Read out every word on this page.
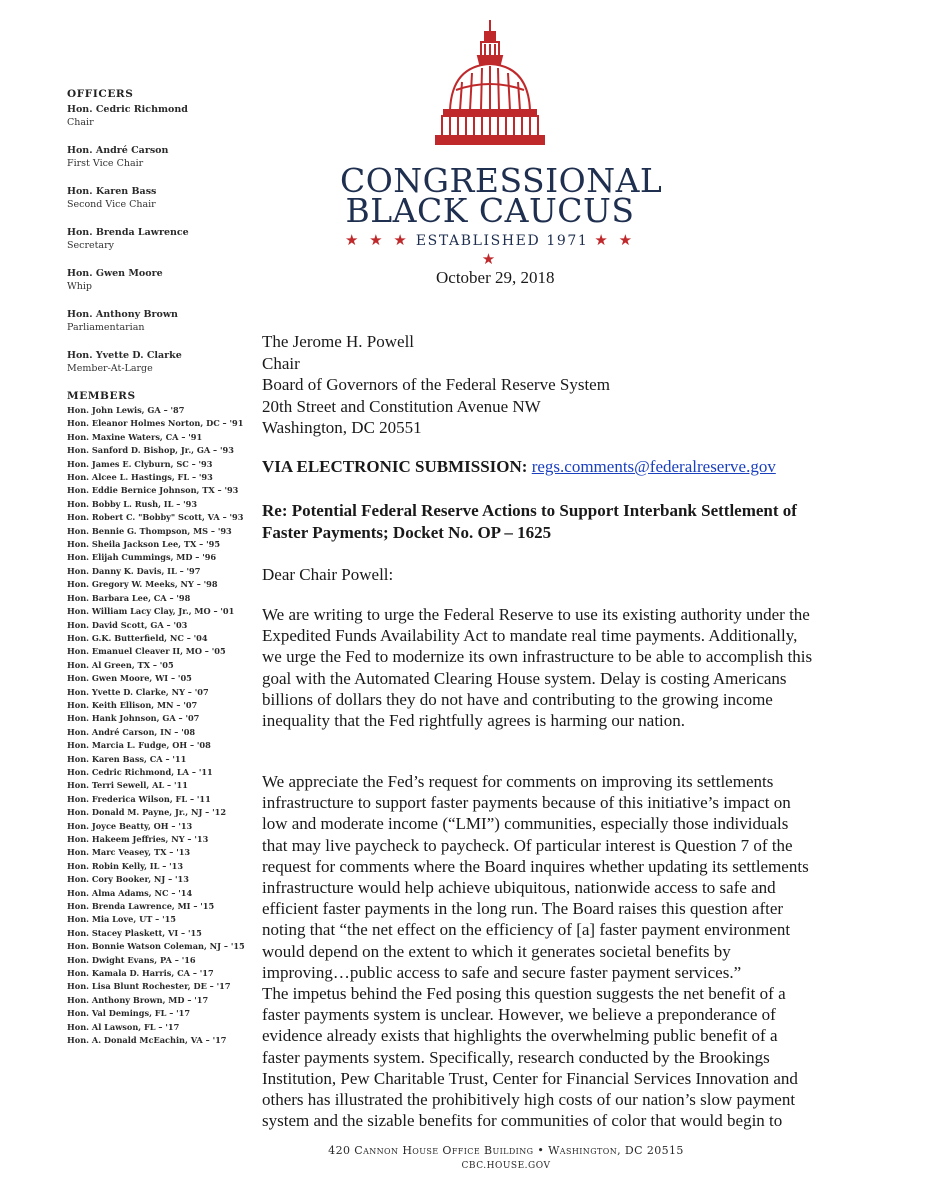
OFFICERS
Hon. Cedric Richmond
Chair
Hon. André Carson
First Vice Chair
Hon. Karen Bass
Second Vice Chair
Hon. Brenda Lawrence
Secretary
Hon. Gwen Moore
Whip
Hon. Anthony Brown
Parliamentarian
Hon. Yvette D. Clarke
Member-At-Large
MEMBERS
Hon. John Lewis, GA – '87
Hon. Eleanor Holmes Norton, DC – '91
Hon. Maxine Waters, CA – '91
Hon. Sanford D. Bishop, Jr., GA – '93
Hon. James E. Clyburn, SC – '93
Hon. Alcee L. Hastings, FL – '93
Hon. Eddie Bernice Johnson, TX – '93
Hon. Bobby L. Rush, IL – '93
Hon. Robert C. "Bobby" Scott, VA – '93
Hon. Bennie G. Thompson, MS – '93
Hon. Sheila Jackson Lee, TX – '95
Hon. Elijah Cummings, MD – '96
Hon. Danny K. Davis, IL – '97
Hon. Gregory W. Meeks, NY – '98
Hon. Barbara Lee, CA – '98
Hon. William Lacy Clay, Jr., MO – '01
Hon. David Scott, GA – '03
Hon. G.K. Butterfield, NC – '04
Hon. Emanuel Cleaver II, MO – '05
Hon. Al Green, TX – '05
Hon. Gwen Moore, WI – '05
Hon. Yvette D. Clarke, NY – '07
Hon. Keith Ellison, MN – '07
Hon. Hank Johnson, GA – '07
Hon. André Carson, IN – '08
Hon. Marcia L. Fudge, OH – '08
Hon. Karen Bass, CA – '11
Hon. Cedric Richmond, LA – '11
Hon. Terri Sewell, AL – '11
Hon. Frederica Wilson, FL – '11
Hon. Donald M. Payne, Jr., NJ – '12
Hon. Joyce Beatty, OH – '13
Hon. Hakeem Jeffries, NY – '13
Hon. Marc Veasey, TX – '13
Hon. Robin Kelly, IL – '13
Hon. Cory Booker, NJ – '13
Hon. Alma Adams, NC – '14
Hon. Brenda Lawrence, MI – '15
Hon. Mia Love, UT – '15
Hon. Stacey Plaskett, VI – '15
Hon. Bonnie Watson Coleman, NJ – '15
Hon. Dwight Evans, PA – '16
Hon. Kamala D. Harris, CA – '17
Hon. Lisa Blunt Rochester, DE – '17
Hon. Anthony Brown, MD – '17
Hon. Val Demings, FL – '17
Hon. Al Lawson, FL – '17
Hon. A. Donald McEachin, VA – '17
CONGRESSIONAL
BLACK CAUCUS
★ ★ ★ ESTABLISHED 1971 ★ ★ ★
October 29, 2018
The Jerome H. Powell
Chair
Board of Governors of the Federal Reserve System
20th Street and Constitution Avenue NW
Washington, DC 20551
VIA ELECTRONIC SUBMISSION: regs.comments@federalreserve.gov
Re: Potential Federal Reserve Actions to Support Interbank Settlement of
Faster Payments; Docket No. OP – 1625
Dear Chair Powell:
We are writing to urge the Federal Reserve to use its existing authority under the
Expedited Funds Availability Act to mandate real time payments. Additionally,
we urge the Fed to modernize its own infrastructure to be able to accomplish this
goal with the Automated Clearing House system. Delay is costing Americans
billions of dollars they do not have and contributing to the growing income
inequality that the Fed rightfully agrees is harming our nation.
We appreciate the Fed’s request for comments on improving its settlements
infrastructure to support faster payments because of this initiative’s impact on
low and moderate income (“LMI”) communities, especially those individuals
that may live paycheck to paycheck. Of particular interest is Question 7 of the
request for comments where the Board inquires whether updating its settlements
infrastructure would help achieve ubiquitous, nationwide access to safe and
efficient faster payments in the long run. The Board raises this question after
noting that “the net effect on the efficiency of [a] faster payment environment
would depend on the extent to which it generates societal benefits by
improving…public access to safe and secure faster payment services.”
The impetus behind the Fed posing this question suggests the net benefit of a
faster payments system is unclear. However, we believe a preponderance of
evidence already exists that highlights the overwhelming public benefit of a
faster payments system. Specifically, research conducted by the Brookings
Institution, Pew Charitable Trust, Center for Financial Services Innovation and
others has illustrated the prohibitively high costs of our nation’s slow payment
system and the sizable benefits for communities of color that would begin to
420 Cannon House Office Building • Washington, DC 20515
CBC.HOUSE.GOV
